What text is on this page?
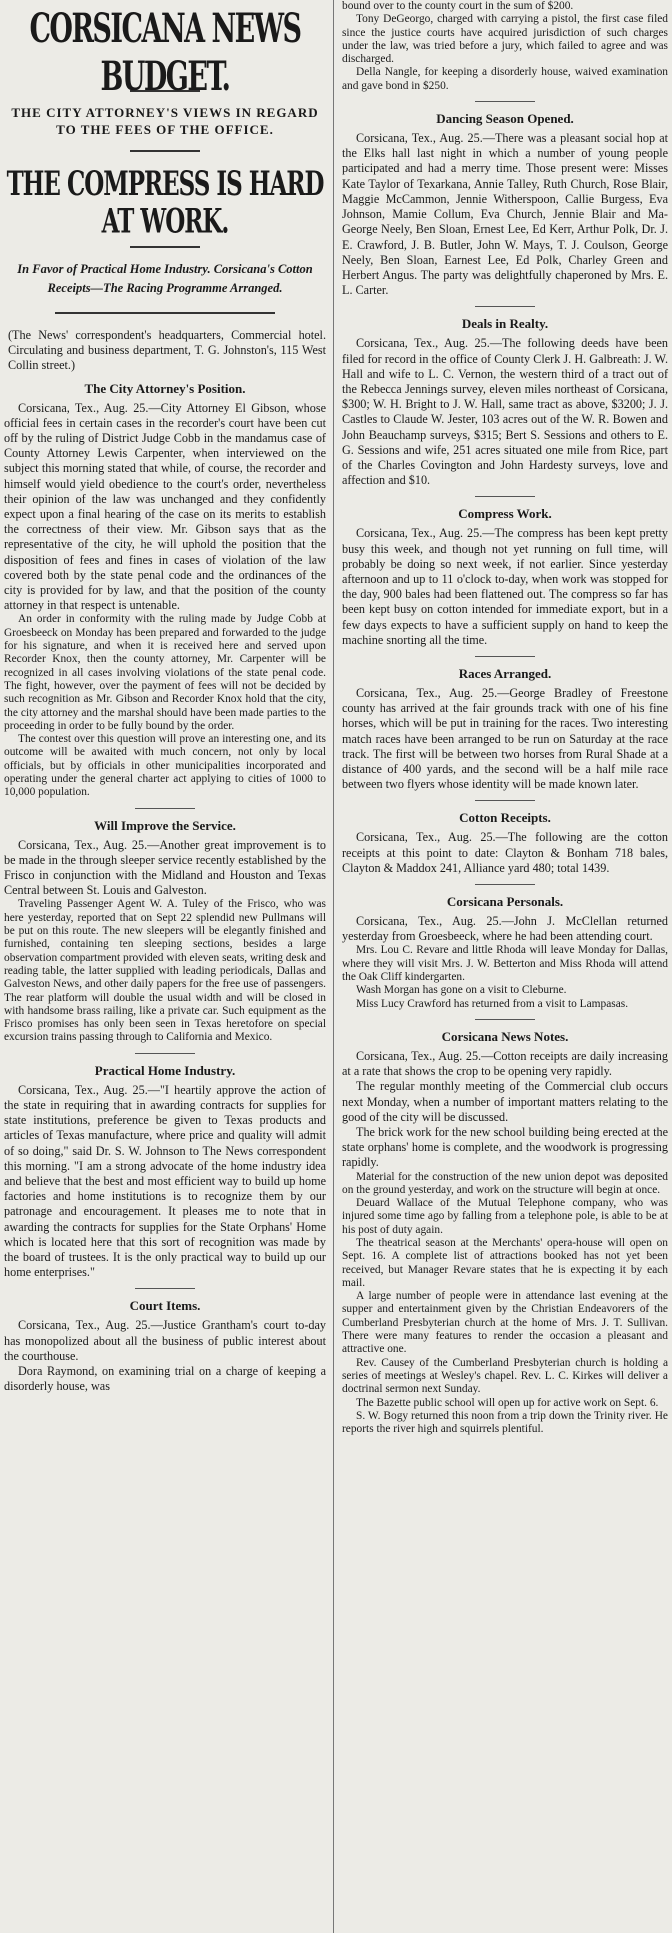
CORSICANA NEWS BUDGET.
THE CITY ATTORNEY'S VIEWS IN REGARD TO THE FEES OF THE OFFICE.
THE COMPRESS IS HARD AT WORK.
In Favor of Practical Home Industry. Corsicana's Cotton Receipts—The Racing Programme Arranged.
(The News' correspondent's headquarters, Commercial hotel. Circulating and business department, T. G. Johnston's, 115 West Collin street.)
The City Attorney's Position.
Corsicana, Tex., Aug. 25.—City Attorney El Gibson, whose official fees in certain cases in the recorder's court have been cut off by the ruling of District Judge Cobb in the mandamus case of County Attorney Lewis Carpenter, when interviewed on the subject this morning stated that while, of course, the recorder and himself would yield obedience to the court's order, nevertheless their opinion of the law was unchanged and they confidently expect upon a final hearing of the case on its merits to establish the correctness of their view. Mr. Gibson says that as the representative of the city, he will uphold the position that the disposition of fees and fines in cases of violation of the law covered both by the state penal code and the ordinances of the city is provided for by law, and that the position of the county attorney in that respect is untenable.
An order in conformity with the ruling made by Judge Cobb at Groesbeeck on Monday has been prepared and forwarded to the judge for his signature, and when it is received here and served upon Recorder Knox, then the county attorney, Mr. Carpenter will be recognized in all cases involving violations of the state penal code. The fight, however, over the payment of fees will not be decided by such recognition as Mr. Gibson and Recorder Knox hold that the city, the city attorney and the marshal should have been made parties to the proceeding in order to be fully bound by the order.
The contest over this question will prove an interesting one, and its outcome will be awaited with much concern, not only by local officials, but by officials in other municipalities incorporated and operating under the general charter act applying to cities of 1000 to 10,000 population.
Will Improve the Service.
Corsicana, Tex., Aug. 25.—Another great improvement is to be made in the through sleeper service recently established by the Frisco in conjunction with the Midland and Houston and Texas Central between St. Louis and Galveston.
Traveling Passenger Agent W. A. Tuley of the Frisco, who was here yesterday, reported that on Sept 22 splendid new Pullmans will be put on this route. The new sleepers will be elegantly finished and furnished, containing ten sleeping sections, besides a large observation compartment provided with eleven seats, writing desk and reading table, the latter supplied with leading periodicals, Dallas and Galveston News, and other daily papers for the free use of passengers. The rear platform will double the usual width and will be closed in with handsome brass railing, like a private car. Such equipment as the Frisco promises has only been seen in Texas heretofore on special excursion trains passing through to California and Mexico.
Practical Home Industry.
Corsicana, Tex., Aug. 25.—"I heartily approve the action of the state in requiring that in awarding contracts for supplies for state institutions, preference be given to Texas products and articles of Texas manufacture, where price and quality will admit of so doing," said Dr. S. W. Johnson to The News correspondent this morning. "I am a strong advocate of the home industry idea and believe that the best and most efficient way to build up home factories and home institutions is to recognize them by our patronage and encouragement. It pleases me to note that in awarding the contracts for supplies for the State Orphans' Home which is located here that this sort of recognition was made by the board of trustees. It is the only practical way to build up our home enterprises."
Court Items.
Corsicana, Tex., Aug. 25.—Justice Grantham's court to-day has monopolized about all the business of public interest about the courthouse.
Dora Raymond, on examining trial on a charge of keeping a disorderly house, was
bound over to the county court in the sum of $200.
Tony DeGeorgo, charged with carrying a pistol, the first case filed since the justice courts have acquired jurisdiction of such charges under the law, was tried before a jury, which failed to agree and was discharged.
Della Nangle, for keeping a disorderly house, waived examination and gave bond in $250.
Dancing Season Opened.
Corsicana, Tex., Aug. 25.—There was a pleasant social hop at the Elks hall last night in which a number of young people participated and had a merry time. Those present were: Misses Kate Taylor of Texarkana, Annie Talley, Ruth Church, Rose Blair, Maggie McCammon, Jennie Witherspoon, Callie Burgess, Eva Johnson, Mamie Collum, Eva Church, Jennie Blair and Ma-George Neely, Ben Sloan, Ernest Lee, Ed Kerr, Arthur Polk, Dr. J. E. Crawford, J. B. Butler, John W. Mays, T. J. Coulson, George Neely, Ben Sloan, Earnest Lee, Ed Polk, Charley Green and Herbert Angus. The party was delightfully chaperoned by Mrs. E. L. Carter.
Deals in Realty.
Corsicana, Tex., Aug. 25.—The following deeds have been filed for record in the office of County Clerk J. H. Galbreath: J. W. Hall and wife to L. C. Vernon, the western third of a tract out of the Rebecca Jennings survey, eleven miles northeast of Corsicana, $300; W. H. Bright to J. W. Hall, same tract as above, $3200; J. J. Castles to Claude W. Jester, 103 acres out of the W. R. Bowen and John Beauchamp surveys, $315; Bert S. Sessions and others to E. G. Sessions and wife, 251 acres situated one mile from Rice, part of the Charles Covington and John Hardesty surveys, love and affection and $10.
Compress Work.
Corsicana, Tex., Aug. 25.—The compress has been kept pretty busy this week, and though not yet running on full time, will probably be doing so next week, if not earlier. Since yesterday afternoon and up to 11 o'clock to-day, when work was stopped for the day, 900 bales had been flattened out. The compress so far has been kept busy on cotton intended for immediate export, but in a few days expects to have a sufficient supply on hand to keep the machine snorting all the time.
Races Arranged.
Corsicana, Tex., Aug. 25.—George Bradley of Freestone county has arrived at the fair grounds track with one of his fine horses, which will be put in training for the races. Two interesting match races have been arranged to be run on Saturday at the race track. The first will be between two horses from Rural Shade at a distance of 400 yards, and the second will be a half mile race between two flyers whose identity will be made known later.
Cotton Receipts.
Corsicana, Tex., Aug. 25.—The following are the cotton receipts at this point to date: Clayton & Bonham 718 bales, Clayton & Maddox 241, Alliance yard 480; total 1439.
Corsicana Personals.
Corsicana, Tex., Aug. 25.—John J. McClellan returned yesterday from Groesbeeck, where he had been attending court.
Mrs. Lou C. Revare and little Rhoda will leave Monday for Dallas, where they will visit Mrs. J. W. Betterton and Miss Rhoda will attend the Oak Cliff kindergarten.
Wash Morgan has gone on a visit to Cleburne.
Miss Lucy Crawford has returned from a visit to Lampasas.
Corsicana News Notes.
Corsicana, Tex., Aug. 25.—Cotton receipts are daily increasing at a rate that shows the crop to be opening very rapidly.
The regular monthly meeting of the Commercial club occurs next Monday, when a number of important matters relating to the good of the city will be discussed.
The brick work for the new school building being erected at the state orphans' home is complete, and the woodwork is progressing rapidly.
Material for the construction of the new union depot was deposited on the ground yesterday, and work on the structure will begin at once.
Deuard Wallace of the Mutual Telephone company, who was injured some time ago by falling from a telephone pole, is able to be at his post of duty again.
The theatrical season at the Merchants' opera-house will open on Sept. 16. A complete list of attractions booked has not yet been received, but Manager Revare states that he is expecting it by each mail.
A large number of people were in attendance last evening at the supper and entertainment given by the Christian Endeavorers of the Cumberland Presbyterian church at the home of Mrs. J. T. Sullivan. There were many features to render the occasion a pleasant and attractive one.
Rev. Causey of the Cumberland Presbyterian church is holding a series of meetings at Wesley's chapel. Rev. L. C. Kirkes will deliver a doctrinal sermon next Sunday.
The Bazette public school will open up for active work on Sept. 6.
S. W. Bogy returned this noon from a trip down the Trinity river. He reports the river high and squirrels plentiful.
